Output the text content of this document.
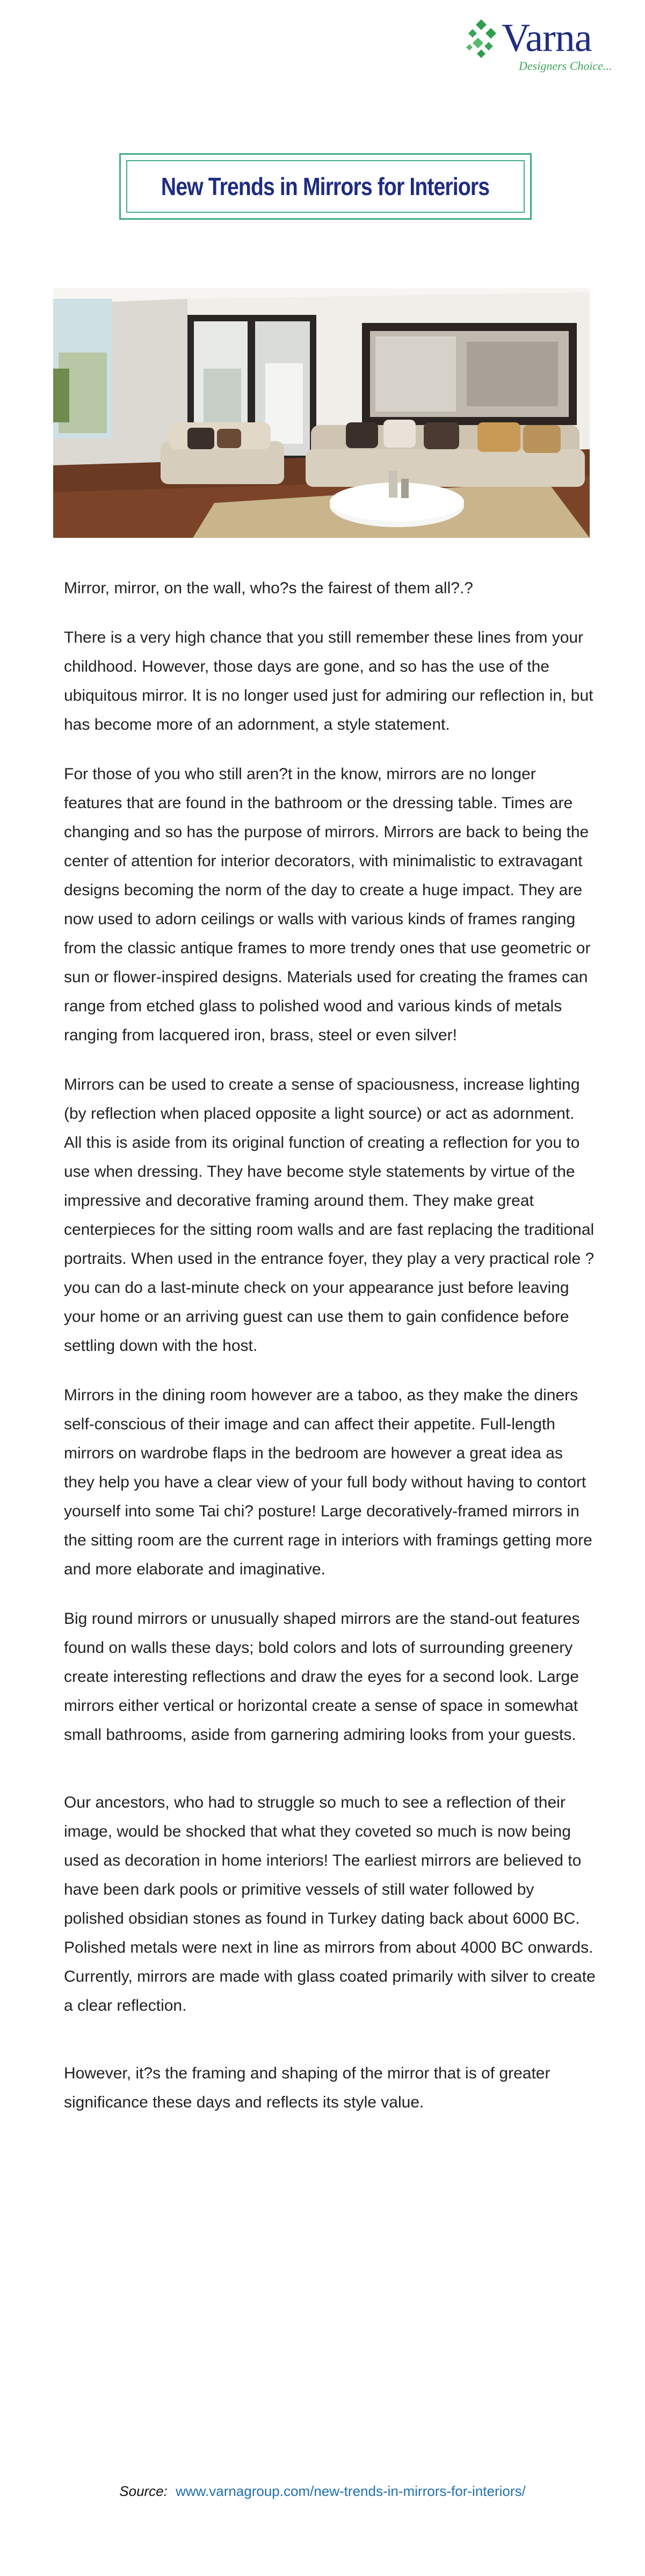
Varna
Designers Choice...
New Trends in Mirrors for Interiors

Mirror, mirror, on the wall, who?s the fairest of them all?.?

There is a very high chance that you still remember these lines from your childhood. However, those days are gone, and so has the use of the ubiquitous mirror. It is no longer used just for admiring our reflection in, but has become more of an adornment, a style statement.

For those of you who still aren?t in the know, mirrors are no longer features that are found in the bathroom or the dressing table. Times are changing and so has the purpose of mirrors. Mirrors are back to being the center of attention for interior decorators, with minimalistic to extravagant designs becoming the norm of the day to create a huge impact. They are now used to adorn ceilings or walls with various kinds of frames ranging from the classic antique frames to more trendy ones that use geometric or sun or flower-inspired designs. Materials used for creating the frames can range from etched glass to polished wood and various kinds of metals ranging from lacquered iron, brass, steel or even silver!

Mirrors can be used to create a sense of spaciousness, increase lighting (by reflection when placed opposite a light source) or act as adornment. All this is aside from its original function of creating a reflection for you to use when dressing. They have become style statements by virtue of the impressive and decorative framing around them. They make great centerpieces for the sitting room walls and are fast replacing the traditional portraits. When used in the entrance foyer, they play a very practical role ? you can do a last-minute check on your appearance just before leaving your home or an arriving guest can use them to gain confidence before settling down with the host.

Mirrors in the dining room however are a taboo, as they make the diners self-conscious of their image and can affect their appetite. Full-length mirrors on wardrobe flaps in the bedroom are however a great idea as they help you have a clear view of your full body without having to contort yourself into some Tai chi? posture! Large decoratively-framed mirrors in the sitting room are the current rage in interiors with framings getting more and more elaborate and imaginative.

Big round mirrors or unusually shaped mirrors are the stand-out features found on walls these days; bold colors and lots of surrounding greenery create interesting reflections and draw the eyes for a second look. Large mirrors either vertical or horizontal create a sense of space in somewhat small bathrooms, aside from garnering admiring looks from your guests.

Our ancestors, who had to struggle so much to see a reflection of their image, would be shocked that what they coveted so much is now being used as decoration in home interiors! The earliest mirrors are believed to have been dark pools or primitive vessels of still water followed by polished obsidian stones as found in Turkey dating back about 6000 BC. Polished metals were next in line as mirrors from about 4000 BC onwards. Currently, mirrors are made with glass coated primarily with silver to create a clear reflection.

However, it?s the framing and shaping of the mirror that is of greater significance these days and reflects its style value.

Source: www.varnagroup.com/new-trends-in-mirrors-for-interiors/
